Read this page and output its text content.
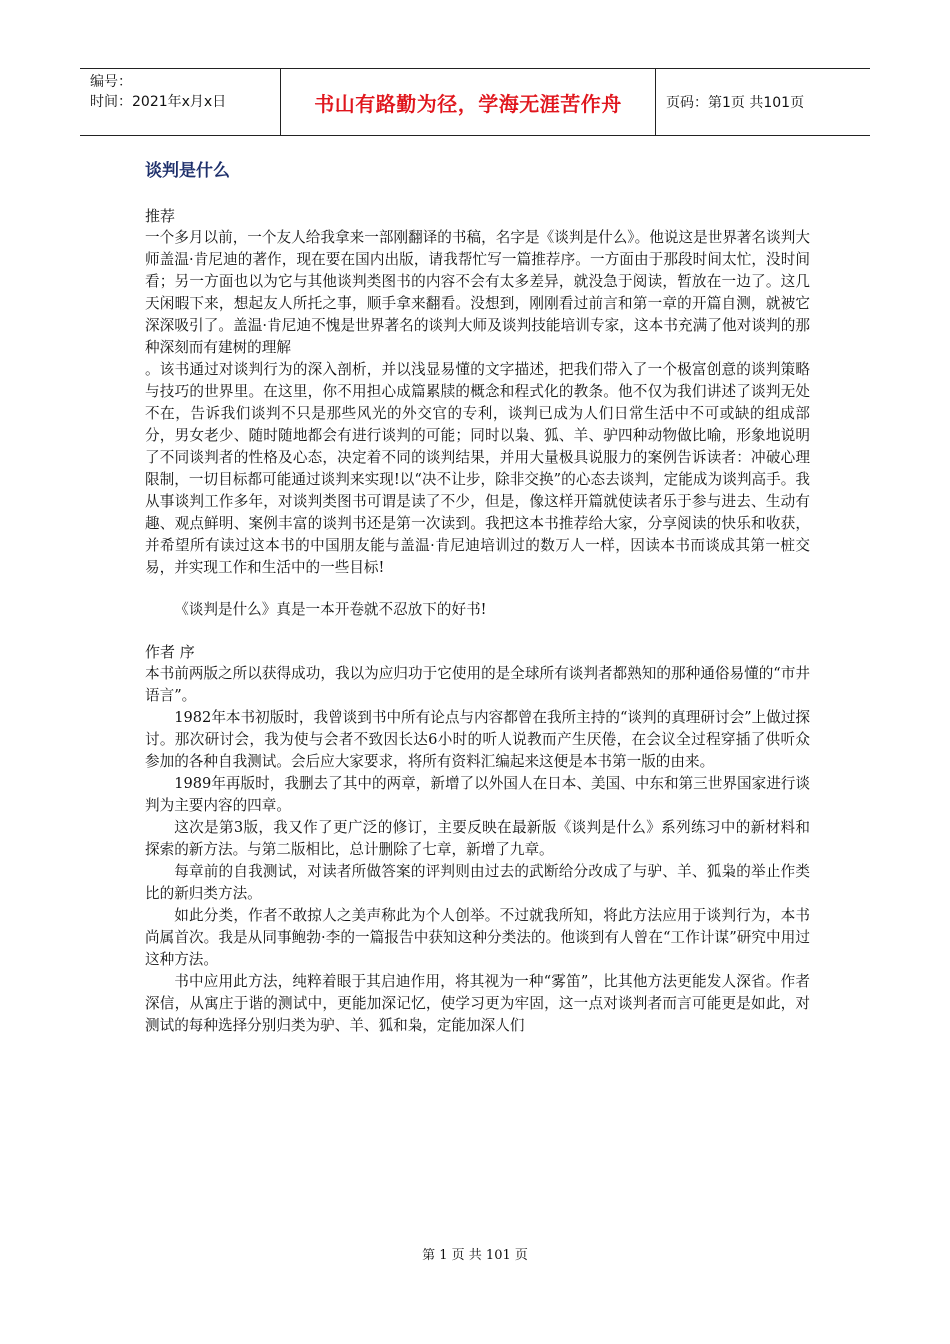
编号：
时间：2021年x月x日	书山有路勤为径，学海无涯苦作舟	页码：第1页 共101页
谈判是什么

推荐

一个多月以前，一个友人给我拿来一部刚翻译的书稿，名字是《谈判是什么》。他说这是世界著名谈判大师盖温·肯尼迪的著作，现在要在国内出版，请我帮忙写一篇推荐序。一方面由于那段时间太忙，没时间看；另一方面也以为它与其他谈判类图书的内容不会有太多差异，就没急于阅读，暂放在一边了。这几天闲暇下来，想起友人所托之事，顺手拿来翻看。没想到，刚刚看过前言和第一章的开篇自测，就被它深深吸引了。盖温·肯尼迪不愧是世界著名的谈判大师及谈判技能培训专家，这本书充满了他对谈判的那种深刻而有建树的理解

。该书通过对谈判行为的深入剖析，并以浅显易懂的文字描述，把我们带入了一个极富创意的谈判策略与技巧的世界里。在这里，你不用担心成篇累牍的概念和程式化的教条。他不仅为我们讲述了谈判无处不在，告诉我们谈判不只是那些风光的外交官的专利，谈判已成为人们日常生活中不可或缺的组成部分，男女老少、随时随地都会有进行谈判的可能；同时以枭、狐、羊、驴四种动物做比喻，形象地说明了不同谈判者的性格及心态，决定着不同的谈判结果，并用大量极具说服力的案例告诉读者：冲破心理限制，一切目标都可能通过谈判来实现!以“决不让步，除非交换”的心态去谈判，定能成为谈判高手。我从事谈判工作多年，对谈判类图书可谓是读了不少，但是，像这样开篇就使读者乐于参与进去、生动有趣、观点鲜明、案例丰富的谈判书还是第一次读到。我把这本书推荐给大家，分享阅读的快乐和收获，并希望所有读过这本书的中国朋友能与盖温·肯尼迪培训过的数万人一样，因读本书而谈成其第一桩交易，并实现工作和生活中的一些目标!

《谈判是什么》真是一本开卷就不忍放下的好书!

作者 序

本书前两版之所以获得成功，我以为应归功于它使用的是全球所有谈判者都熟知的那种通俗易懂的“市井语言”。

1982年本书初版时，我曾谈到书中所有论点与内容都曾在我所主持的“谈判的真理研讨会”上做过探讨。那次研讨会，我为使与会者不致因长达6小时的听人说教而产生厌倦，在会议全过程穿插了供听众参加的各种自我测试。会后应大家要求，将所有资料汇编起来这便是本书第一版的由来。

1989年再版时，我删去了其中的两章，新增了以外国人在日本、美国、中东和第三世界国家进行谈判为主要内容的四章。

这次是第3版，我又作了更广泛的修订，主要反映在最新版《谈判是什么》系列练习中的新材料和探索的新方法。与第二版相比，总计删除了七章，新增了九章。

每章前的自我测试，对读者所做答案的评判则由过去的武断给分改成了与驴、羊、狐枭的举止作类比的新归类方法。

如此分类，作者不敢掠人之美声称此为个人创举。不过就我所知，将此方法应用于谈判行为，本书尚属首次。我是从同事鲍勃·李的一篇报告中获知这种分类法的。他谈到有人曾在“工作计谋”研究中用过这种方法。

书中应用此方法，纯粹着眼于其启迪作用，将其视为一种“雾笛”，比其他方法更能发人深省。作者深信，从寓庄于谐的测试中，更能加深记忆，使学习更为牢固，这一点对谈判者而言可能更是如此，对测试的每种选择分别归类为驴、羊、狐和枭，定能加深人们

第 1 页 共 101 页
